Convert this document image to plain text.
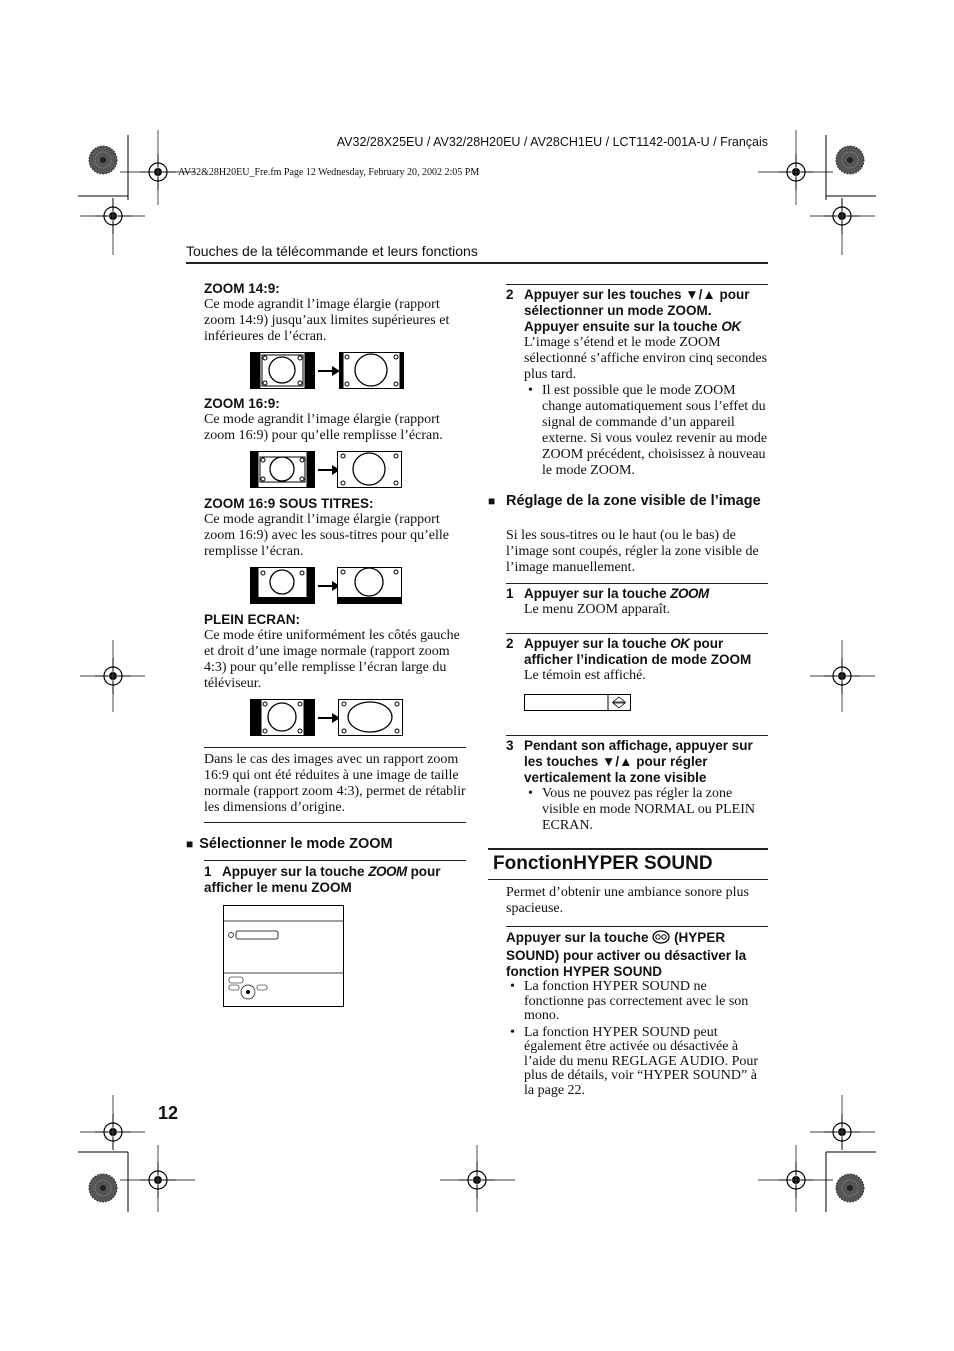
AV32/28X25EU / AV32/28H20EU / AV28CH1EU / LCT1142-001A-U / Français
AV32&28H20EU_Fre.fm Page 12 Wednesday, February 20, 2002 2:05 PM
Touches de la télécommande et leurs fonctions
ZOOM 14:9:
Ce mode agrandit l’image élargie (rapport zoom 14:9) jusqu’aux limites supérieures et inférieures de l’écran.
ZOOM 16:9:
Ce mode agrandit l’image élargie (rapport zoom 16:9) pour qu’elle remplisse l’écran.
ZOOM 16:9 SOUS TITRES:
Ce mode agrandit l’image élargie (rapport zoom 16:9) avec les sous-titres pour qu’elle remplisse l’écran.
PLEIN ECRAN:
Ce mode étire uniformément les côtés gauche et droit d’une image normale (rapport zoom 4:3) pour qu’elle remplisse l’écran large du téléviseur.
Dans le cas des images avec un rapport zoom 16:9 qui ont été réduites à une image de taille normale (rapport zoom 4:3), permet de rétablir les dimensions d’origine.
■ Sélectionner le mode ZOOM
1 Appuyer sur la touche ZOOM pour afficher le menu ZOOM
2 Appuyer sur les touches ▼/▲ pour sélectionner un mode ZOOM. Appuyer ensuite sur la touche OK
L’image s’étend et le mode ZOOM sélectionné s’affiche environ cinq secondes plus tard.
• Il est possible que le mode ZOOM change automatiquement sous l’effet du signal de commande d’un appareil externe. Si vous voulez revenir au mode ZOOM précédent, choisissez à nouveau le mode ZOOM.
■ Réglage de la zone visible de l’image
Si les sous-titres ou le haut (ou le bas) de l’image sont coupés, régler la zone visible de l’image manuellement.
1 Appuyer sur la touche ZOOM
Le menu ZOOM apparaît.
2 Appuyer sur la touche OK pour afficher l’indication de mode ZOOM
Le témoin est affiché.
3 Pendant son affichage, appuyer sur les touches ▼/▲ pour régler verticalement la zone visible
• Vous ne pouvez pas régler la zone visible en mode NORMAL ou PLEIN ECRAN.
FonctionHYPER SOUND
Permet d’obtenir une ambiance sonore plus spacieuse.
Appuyer sur la touche (HYPER SOUND) pour activer ou désactiver la fonction HYPER SOUND
• La fonction HYPER SOUND ne fonctionne pas correctement avec le son mono.
• La fonction HYPER SOUND peut également être activée ou désactivée à l’aide du menu REGLAGE AUDIO. Pour plus de détails, voir “HYPER SOUND” à la page 22.
12
